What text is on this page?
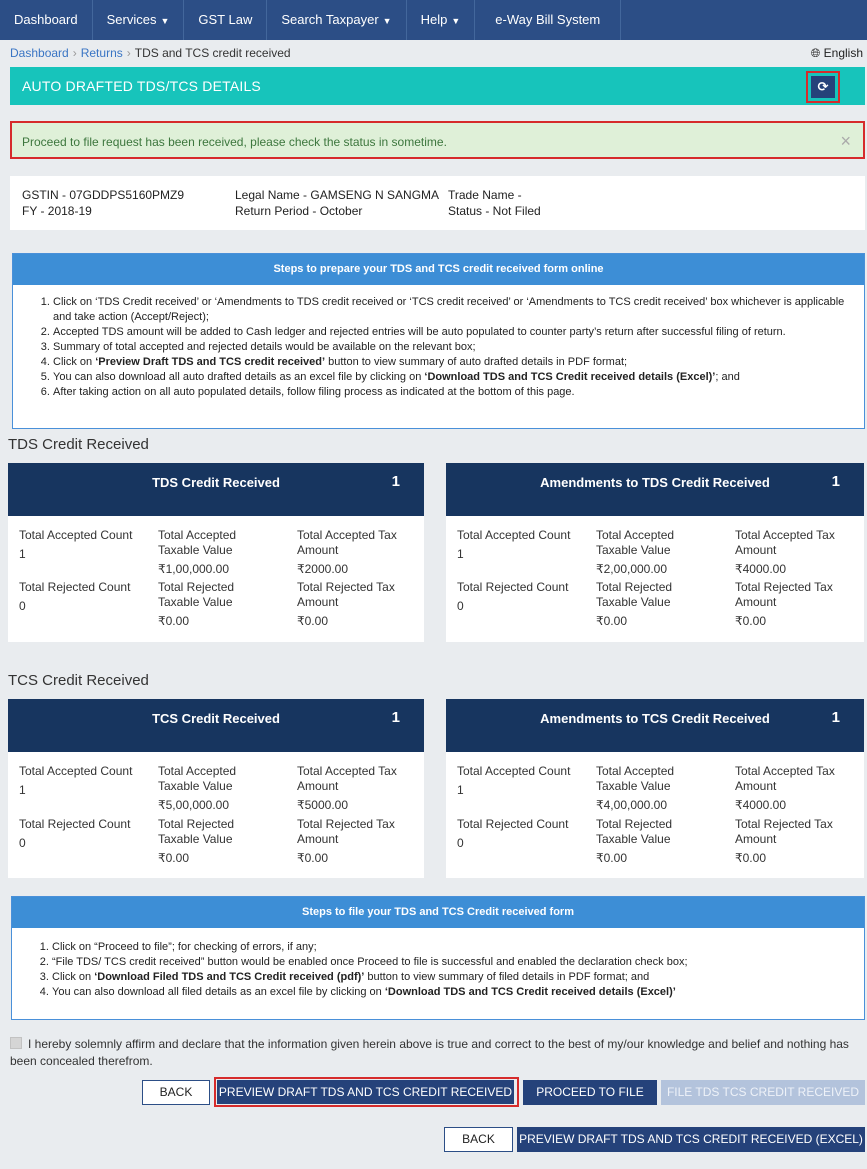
Dashboard	Services ▼	GST Law	Search Taxpayer ▼	Help ▼	e-Way Bill System
Dashboard › Returns › TDS and TCS credit received	🌐︎ English
AUTO DRAFTED TDS/TCS DETAILS	⟳
Proceed to file request has been received, please check the status in sometime.	×
GSTIN - 07GDDPS5160PMZ9
FY - 2018-19
Legal Name - GAMSENG N SANGMA
Return Period - October
Trade Name -
Status - Not Filed
Steps to prepare your TDS and TCS credit received form online
1. Click on ‘TDS Credit received’ or ‘Amendments to TDS credit received or ‘TCS credit received’ or ‘Amendments to TCS credit received’ box whichever is applicable and take action (Accept/Reject);
2. Accepted TDS amount will be added to Cash ledger and rejected entries will be auto populated to counter party’s return after successful filing of return.
3. Summary of total accepted and rejected details would be available on the relevant box;
4. Click on ‘Preview Draft TDS and TCS credit received’ button to view summary of auto drafted details in PDF format;
5. You can also download all auto drafted details as an excel file by clicking on ‘Download TDS and TCS Credit received details (Excel)’; and
6. After taking action on all auto populated details, follow filing process as indicated at the bottom of this page.
TDS Credit Received
TDS Credit Received	1
Total Accepted Count
1
Total Accepted Taxable Value
₹1,00,000.00
Total Accepted Tax Amount
₹2000.00
Total Rejected Count
0
Total Rejected Taxable Value
₹0.00
Total Rejected Tax Amount
₹0.00
Amendments to TDS Credit Received	1
Total Accepted Count
1
Total Accepted Taxable Value
₹2,00,000.00
Total Accepted Tax Amount
₹4000.00
Total Rejected Count
0
Total Rejected Taxable Value
₹0.00
Total Rejected Tax Amount
₹0.00
TCS Credit Received
TCS Credit Received	1
Total Accepted Count
1
Total Accepted Taxable Value
₹5,00,000.00
Total Accepted Tax Amount
₹5000.00
Total Rejected Count
0
Total Rejected Taxable Value
₹0.00
Total Rejected Tax Amount
₹0.00
Amendments to TCS Credit Received	1
Total Accepted Count
1
Total Accepted Taxable Value
₹4,00,000.00
Total Accepted Tax Amount
₹4000.00
Total Rejected Count
0
Total Rejected Taxable Value
₹0.00
Total Rejected Tax Amount
₹0.00
Steps to file your TDS and TCS Credit received form
1. Click on “Proceed to file”; for checking of errors, if any;
2. “File TDS/ TCS credit received” button would be enabled once Proceed to file is successful and enabled the declaration check box;
3. Click on ‘Download Filed TDS and TCS Credit received (pdf)’ button to view summary of filed details in PDF format; and
4. You can also download all filed details as an excel file by clicking on ‘Download TDS and TCS Credit received details (Excel)’
I hereby solemnly affirm and declare that the information given herein above is true and correct to the best of my/our knowledge and belief and nothing has been concealed therefrom.
BACK	PREVIEW DRAFT TDS AND TCS CREDIT RECEIVED	PROCEED TO FILE	FILE TDS TCS CREDIT RECEIVED
BACK	PREVIEW DRAFT TDS AND TCS CREDIT RECEIVED (EXCEL)
